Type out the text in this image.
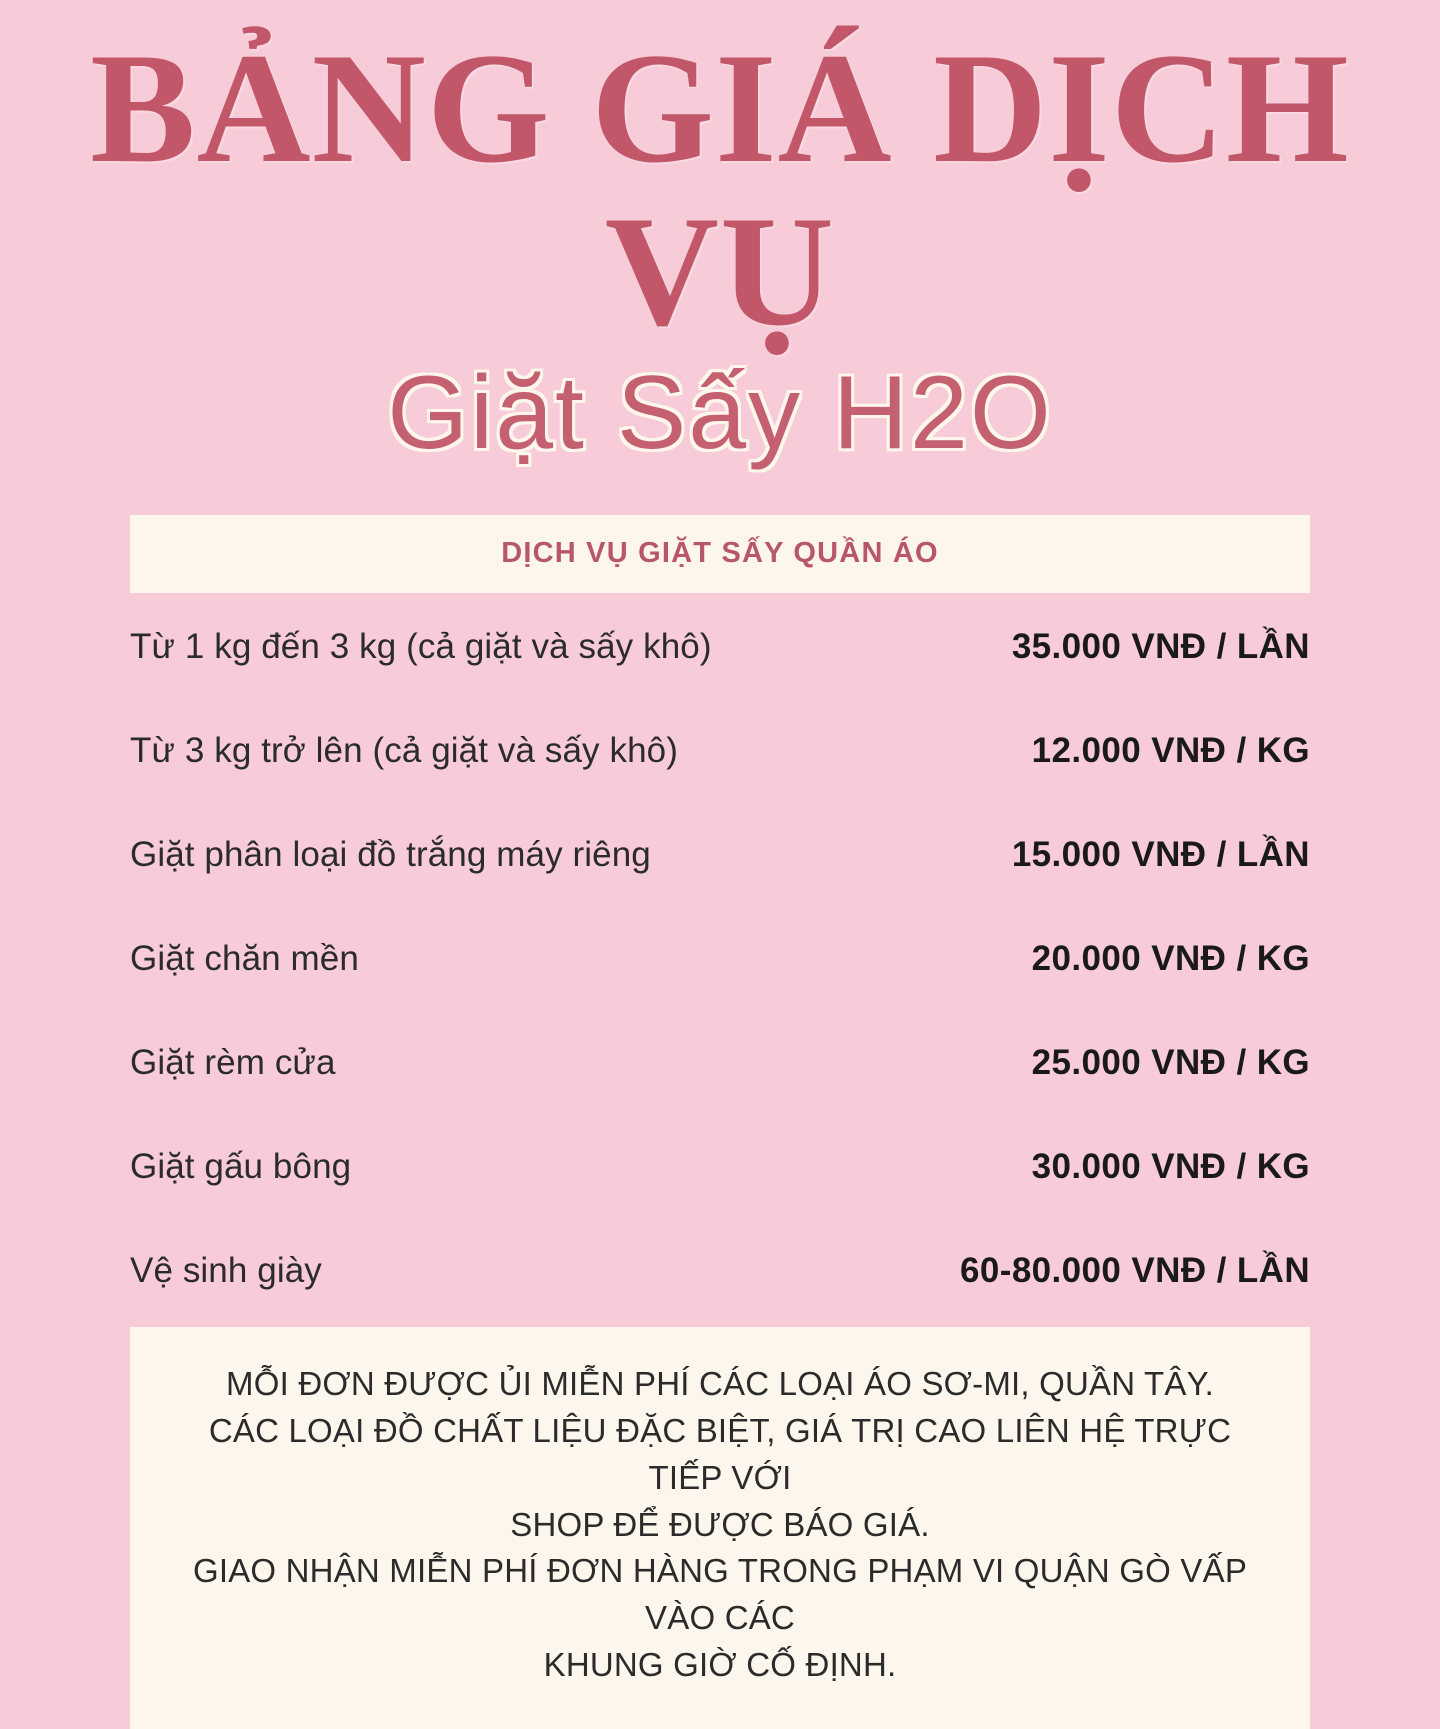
BẢNG GIÁ DỊCH VỤ
Giặt Sấy H2O
DỊCH VỤ GIẶT SẤY QUẦN ÁO
Từ 1 kg đến 3 kg (cả giặt và sấy khô)	35.000 VNĐ / LẦN
Từ 3 kg trở lên (cả giặt và sấy khô)	12.000 VNĐ / KG
Giặt phân loại đồ trắng máy riêng	15.000 VNĐ / LẦN
Giặt chăn mền	20.000 VNĐ / KG
Giặt rèm cửa	25.000 VNĐ / KG
Giặt gấu bông	30.000 VNĐ / KG
Vệ sinh giày	60-80.000 VNĐ / LẦN
MỖI ĐƠN ĐƯỢC ỦI MIỄN PHÍ CÁC LOẠI ÁO SƠ-MI, QUẦN TÂY.
CÁC LOẠI ĐỒ CHẤT LIỆU ĐẶC BIỆT, GIÁ TRỊ CAO LIÊN HỆ TRỰC TIẾP VỚI
SHOP ĐỂ ĐƯỢC BÁO GIÁ.
GIAO NHẬN MIỄN PHÍ ĐƠN HÀNG TRONG PHẠM VI QUẬN GÒ VẤP VÀO CÁC
KHUNG GIỜ CỐ ĐỊNH.
